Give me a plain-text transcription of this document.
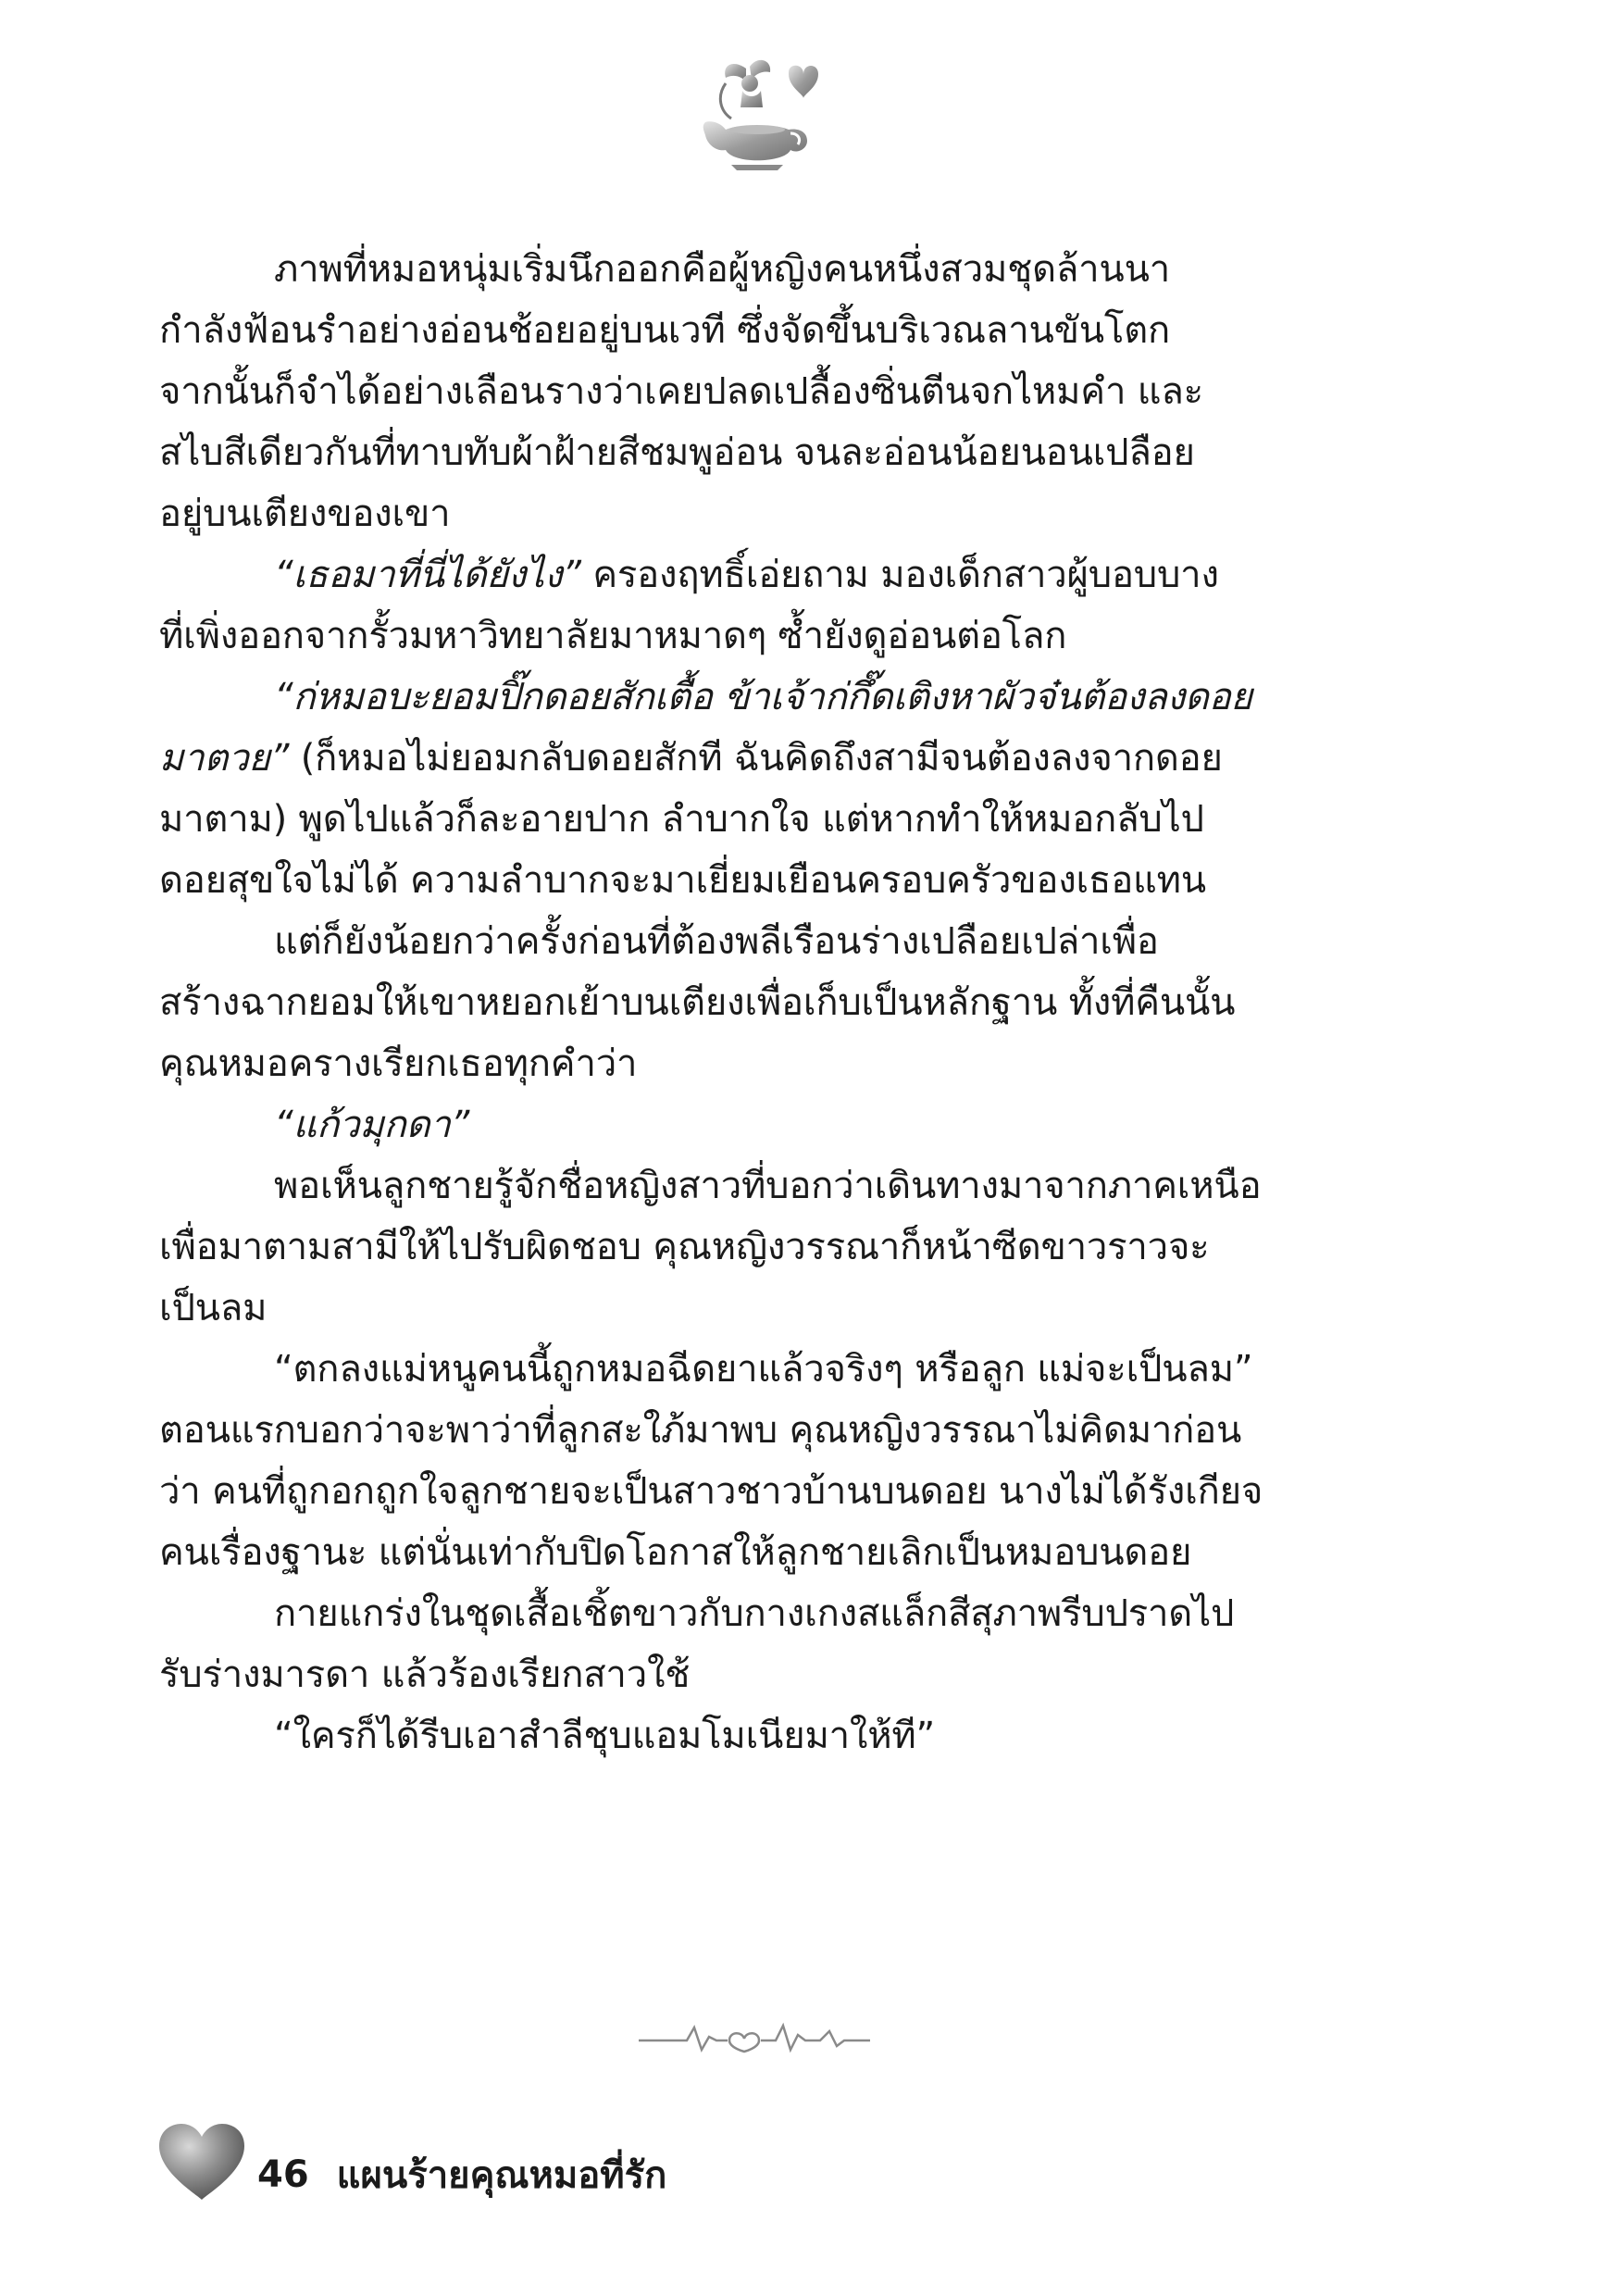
ภาพที่หมอหนุ่มเริ่มนึกออกคือผู้หญิงคนหนึ่งสวมชุดล้านนา
กำลังฟ้อนรำอย่างอ่อนช้อยอยู่บนเวที ซึ่งจัดขึ้นบริเวณลานขันโตก
จากนั้นก็จำได้อย่างเลือนรางว่าเคยปลดเปลื้องซิ่นตีนจกไหมคำ และ
สไบสีเดียวกันที่ทาบทับผ้าฝ้ายสีชมพูอ่อน จนละอ่อนน้อยนอนเปลือย
อยู่บนเตียงของเขา
“เธอมาที่นี่ได้ยังไง” ครองฤทธิ์เอ่ยถาม มองเด็กสาวผู้บอบบาง
ที่เพิ่งออกจากรั้วมหาวิทยาลัยมาหมาดๆ ซ้ำยังดูอ่อนต่อโลก
“ก่หมอบะยอมปิ๊กดอยสักเตื้อ ข้าเจ้าก่กึ๊ดเติงหาผัวจ๋นต้องลงดอย
มาตวย” (ก็หมอไม่ยอมกลับดอยสักที ฉันคิดถึงสามีจนต้องลงจากดอย
มาตาม) พูดไปแล้วก็ละอายปาก ลำบากใจ แต่หากทำให้หมอกลับไป
ดอยสุขใจไม่ได้ ความลำบากจะมาเยี่ยมเยือนครอบครัวของเธอแทน
แต่ก็ยังน้อยกว่าครั้งก่อนที่ต้องพลีเรือนร่างเปลือยเปล่าเพื่อ
สร้างฉากยอมให้เขาหยอกเย้าบนเตียงเพื่อเก็บเป็นหลักฐาน ทั้งที่คืนนั้น
คุณหมอครางเรียกเธอทุกคำว่า
“แก้วมุกดา”
พอเห็นลูกชายรู้จักชื่อหญิงสาวที่บอกว่าเดินทางมาจากภาคเหนือ
เพื่อมาตามสามีให้ไปรับผิดชอบ คุณหญิงวรรณาก็หน้าซีดขาวราวจะ
เป็นลม
“ตกลงแม่หนูคนนี้ถูกหมอฉีดยาแล้วจริงๆ หรือลูก แม่จะเป็นลม”
ตอนแรกบอกว่าจะพาว่าที่ลูกสะใภ้มาพบ คุณหญิงวรรณาไม่คิดมาก่อน
ว่า คนที่ถูกอกถูกใจลูกชายจะเป็นสาวชาวบ้านบนดอย นางไม่ได้รังเกียจ
คนเรื่องฐานะ แต่นั่นเท่ากับปิดโอกาสให้ลูกชายเลิกเป็นหมอบนดอย
กายแกร่งในชุดเสื้อเชิ้ตขาวกับกางเกงสแล็กสีสุภาพรีบปราดไป
รับร่างมารดา แล้วร้องเรียกสาวใช้
“ใครก็ได้รีบเอาสำลีชุบแอมโมเนียมาให้ที”
46 แผนร้ายคุณหมอที่รัก
